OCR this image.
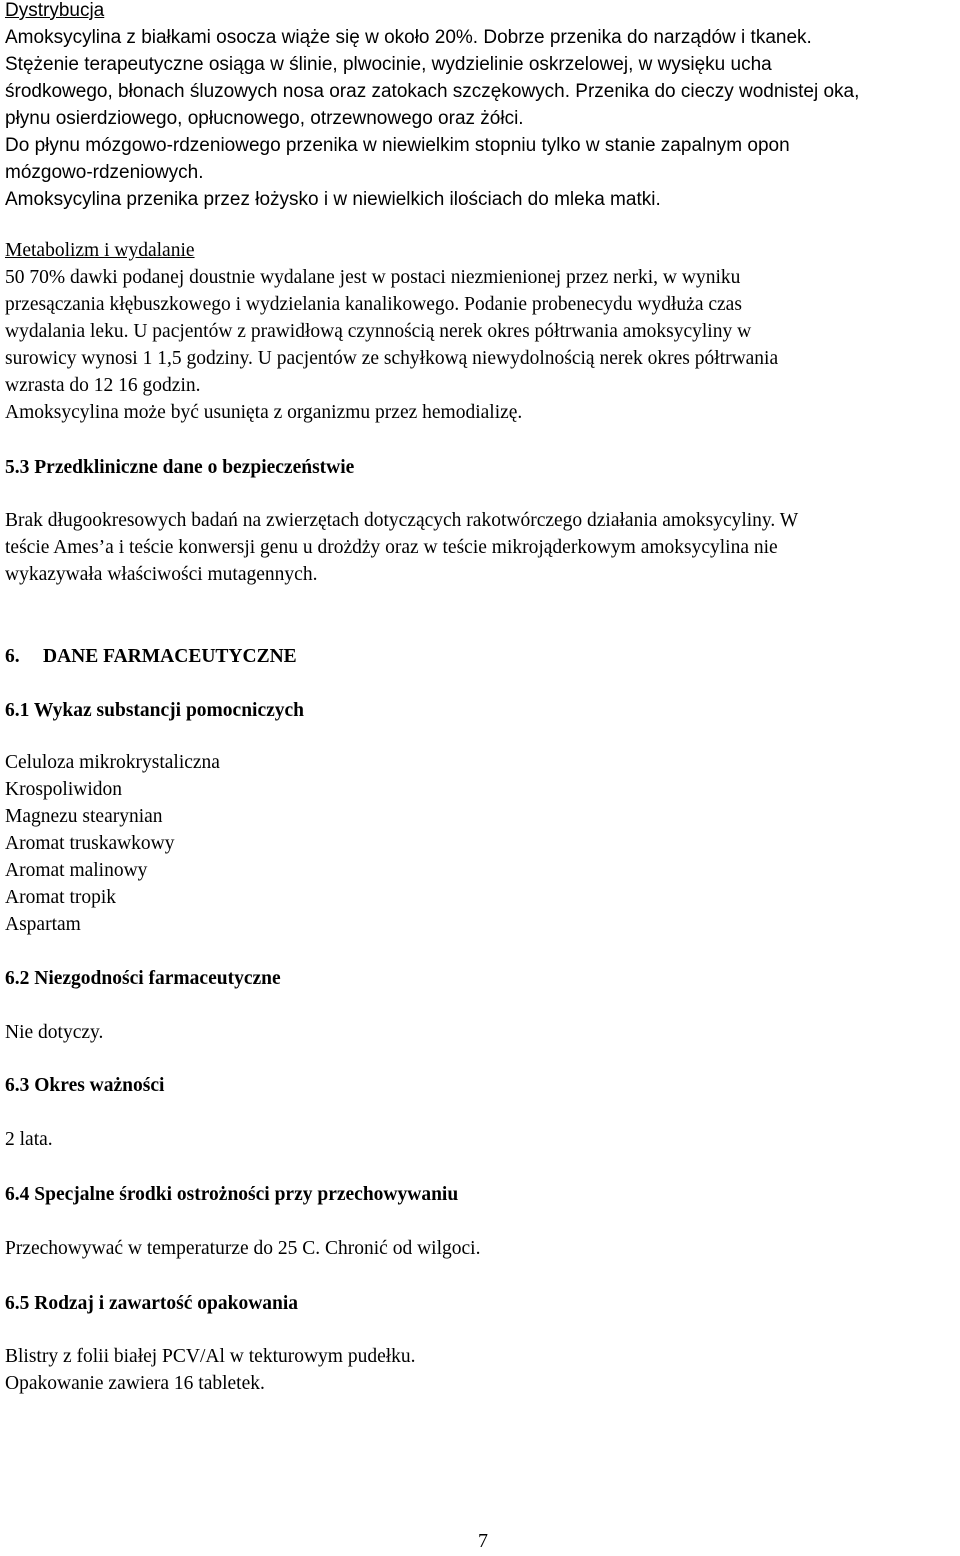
Dystrybucja
Amoksycylina z białkami osocza wiąże się w około 20%. Dobrze przenika do narządów i tkanek.
Stężenie terapeutyczne osiąga w ślinie, plwocinie, wydzielinie oskrzelowej, w wysięku ucha
środkowego, błonach śluzowych nosa oraz zatokach szczękowych. Przenika do cieczy wodnistej oka,
płynu osierdziowego, opłucnowego, otrzewnowego oraz żółci.
Do płynu mózgowo-rdzeniowego przenika w niewielkim stopniu tylko w stanie zapalnym opon
mózgowo-rdzeniowych.
Amoksycylina przenika przez łożysko i w niewielkich ilościach do mleka matki.
Metabolizm i wydalanie
50 70% dawki podanej doustnie wydalane jest w postaci niezmienionej przez nerki, w wyniku
przesączania kłębuszkowego i wydzielania kanalikowego. Podanie probenecydu wydłuża czas
wydalania leku. U pacjentów z prawidłową czynnością nerek okres półtrwania amoksycyliny w
surowicy wynosi 1 1,5 godziny. U pacjentów ze schyłkową niewydolnością nerek okres półtrwania
wzrasta do 12 16 godzin.
Amoksycylina może być usunięta z organizmu przez hemodializę.
5.3 Przedkliniczne dane o bezpieczeństwie
Brak długookresowych badań na zwierzętach dotyczących rakotwórczego działania amoksycyliny. W
teście Ames’a i teście konwersji genu u drożdży oraz w teście mikrojąderkowym amoksycylina nie
wykazywała właściwości mutagennych.
6. DANE FARMACEUTYCZNE
6.1 Wykaz substancji pomocniczych
Celuloza mikrokrystaliczna
Krospoliwidon
Magnezu stearynian
Aromat truskawkowy
Aromat malinowy
Aromat tropik
Aspartam
6.2 Niezgodności farmaceutyczne
Nie dotyczy.
6.3 Okres ważności
2 lata.
6.4 Specjalne środki ostrożności przy przechowywaniu
Przechowywać w temperaturze do 25 C. Chronić od wilgoci.
6.5 Rodzaj i zawartość opakowania
Blistry z folii białej PCV/Al w tekturowym pudełku.
Opakowanie zawiera 16 tabletek.
7
